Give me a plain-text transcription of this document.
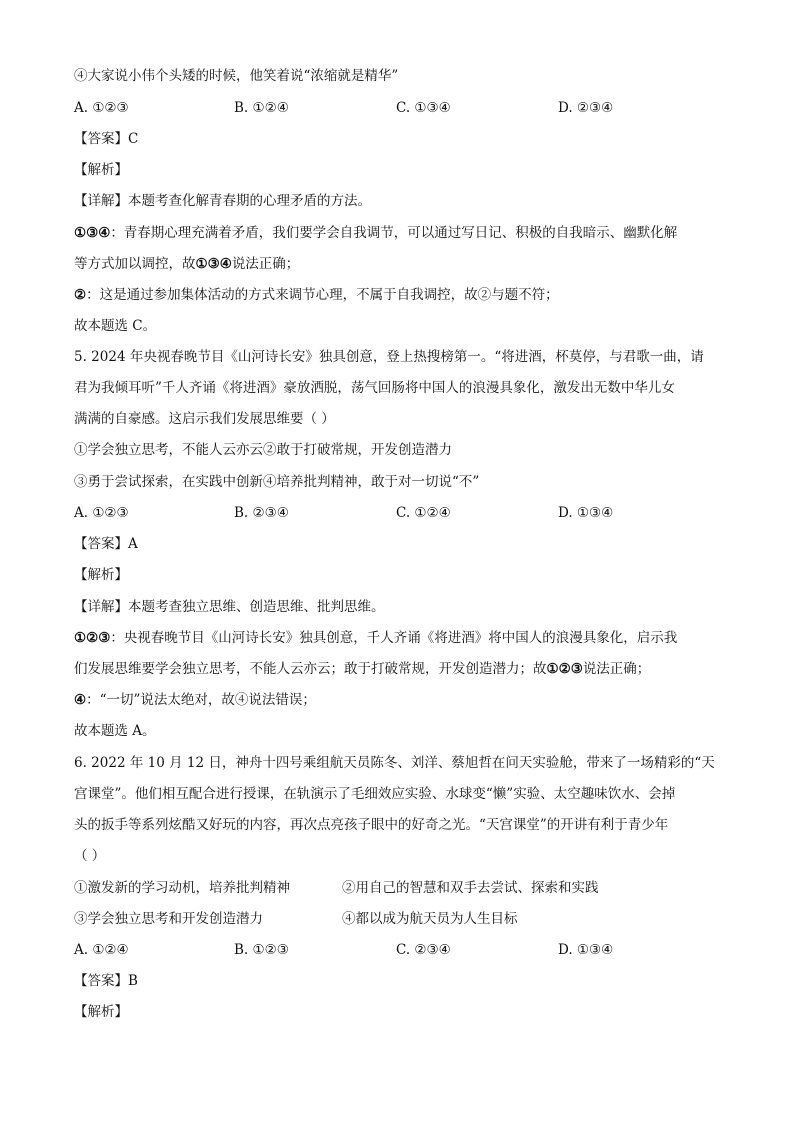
④大家说小伟个头矮的时候，他笑着说“浓缩就是精华”
A. ①②③	B. ①②④	C. ①③④	D. ②③④
【答案】C
【解析】
【详解】本题考查化解青春期的心理矛盾的方法。
①③④：青春期心理充满着矛盾，我们要学会自我调节，可以通过写日记、积极的自我暗示、幽默化解
等方式加以调控，故①③④说法正确；
②：这是通过参加集体活动的方式来调节心理，不属于自我调控，故②与题不符；
故本题选 C。
5. 2024 年央视春晚节目《山河诗长安》独具创意，登上热搜榜第一。“将进酒，杯莫停，与君歌一曲，请
君为我倾耳听”千人齐诵《将进酒》豪放洒脱，荡气回肠将中国人的浪漫具象化，激发出无数中华儿女
满满的自豪感。这启示我们发展思维要（ ）
①学会独立思考，不能人云亦云②敢于打破常规，开发创造潜力
③勇于尝试探索，在实践中创新④培养批判精神，敢于对一切说“不”
A. ①②③	B. ②③④	C. ①②④	D. ①③④
【答案】A
【解析】
【详解】本题考查独立思维、创造思维、批判思维。
①②③：央视春晚节目《山河诗长安》独具创意，千人齐诵《将进酒》将中国人的浪漫具象化，启示我
们发展思维要学会独立思考，不能人云亦云；敢于打破常规，开发创造潜力；故①②③说法正确；
④：“一切”说法太绝对，故④说法错误；
故本题选 A。
6. 2022 年 10 月 12 日，神舟十四号乘组航天员陈冬、刘洋、蔡旭哲在问天实验舱，带来了一场精彩的“天
宫课堂”。他们相互配合进行授课，在轨演示了毛细效应实验、水球变“懒”实验、太空趣味饮水、会掉
头的扳手等系列炫酷又好玩的内容，再次点亮孩子眼中的好奇之光。“天宫课堂”的开讲有利于青少年
（ ）
①激发新的学习动机，培养批判精神	②用自己的智慧和双手去尝试、探索和实践
③学会独立思考和开发创造潜力	④都以成为航天员为人生目标
A. ①②④	B. ①②③	C. ②③④	D. ①③④
【答案】B
【解析】
